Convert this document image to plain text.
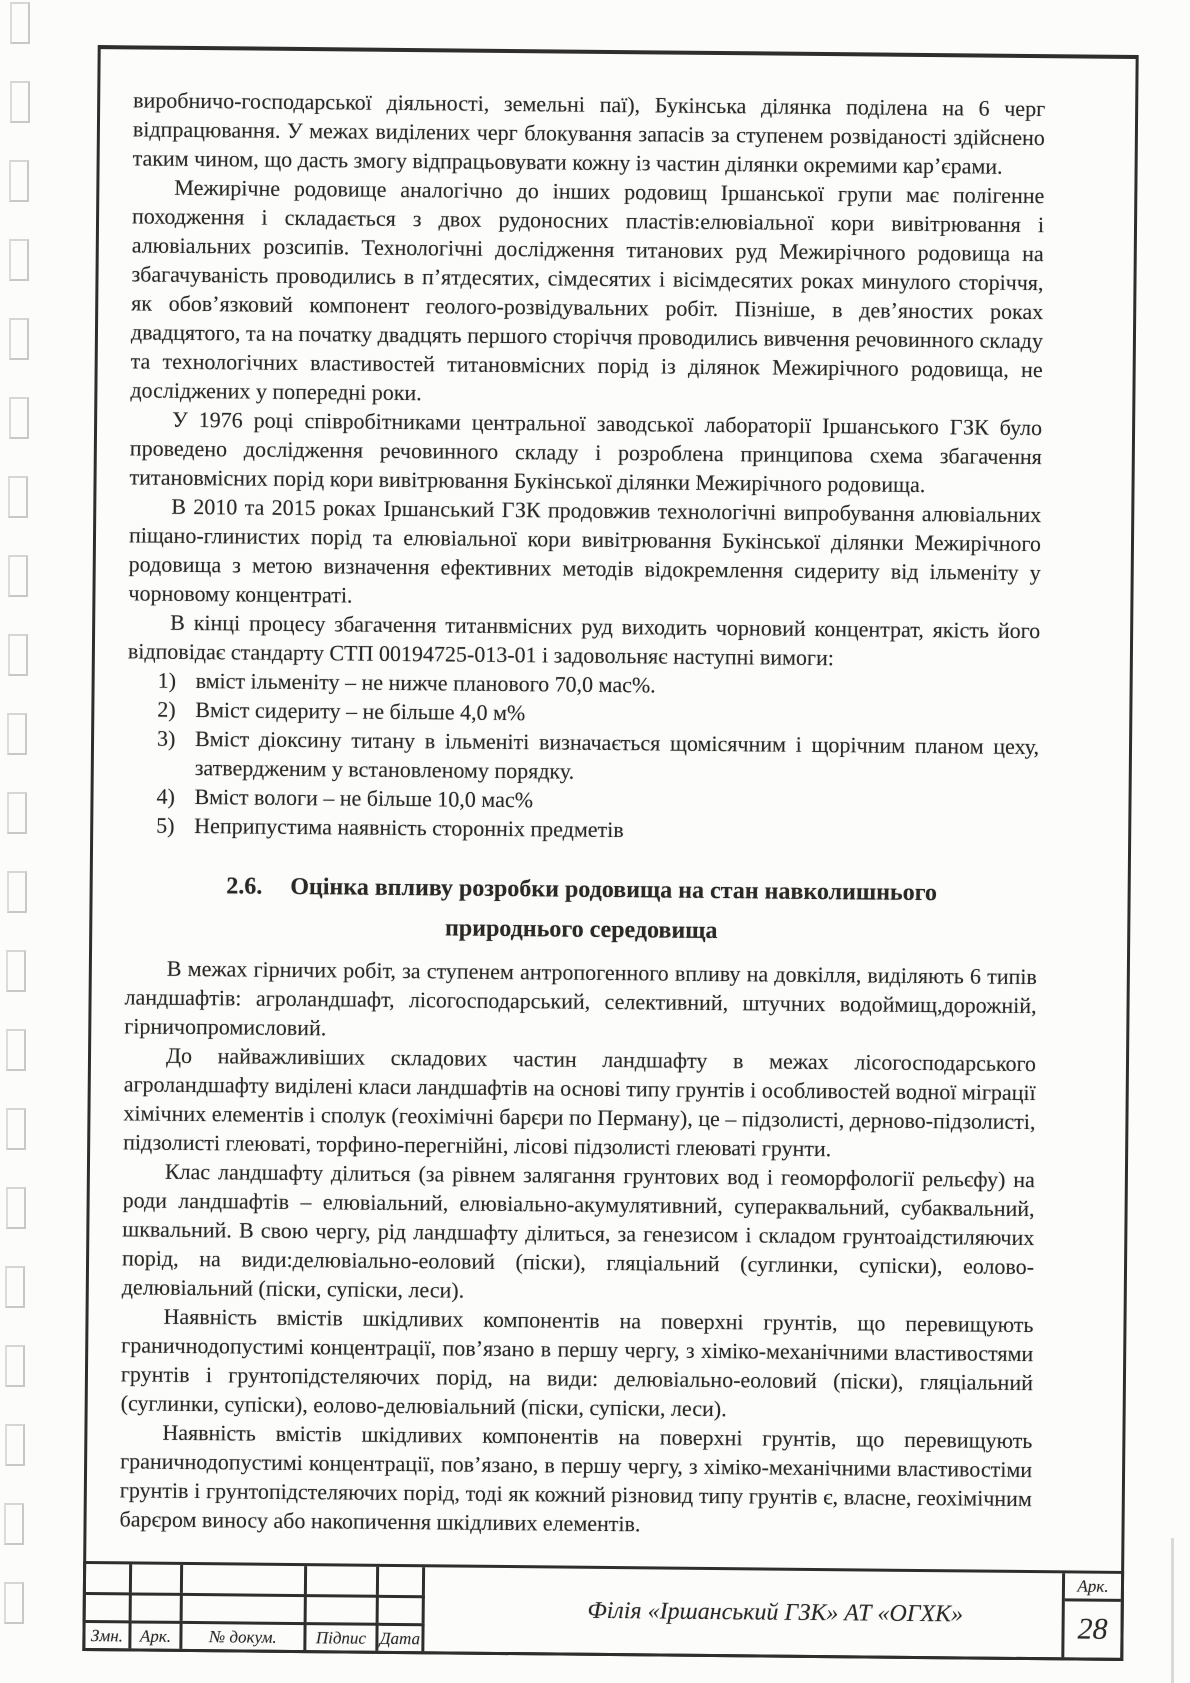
виробничо-господарської діяльності, земельні паї), Букінська ділянка поділена на 6 черг відпрацювання. У межах виділених черг блокування запасів за ступенем розвіданості здійснено таким чином, що дасть змогу відпрацьовувати кожну із частин ділянки окремими кар’єрами.

Межирічне родовище аналогічно до інших родовищ Іршанської групи має полігенне походження і складається з двох рудоносних пластів:елювіальної кори вивітрювання і алювіальних розсипів. Технологічні дослідження титанових руд Межирічного родовища на збагачуваність проводились в п’ятдесятих, сімдесятих і вісімдесятих роках минулого сторіччя, як обов’язковий компонент геолого-розвідувальних робіт. Пізніше, в дев’яностих роках двадцятого, та на початку двадцять першого сторіччя проводились вивчення речовинного складу та технологічних властивостей титановмісних порід із ділянок Межирічного родовища, не досліджених у попередні роки.

У 1976 році співробітниками центральної заводської лабораторії Іршанського ГЗК було проведено дослідження речовинного складу і розроблена принципова схема збагачення титановмісних порід кори вивітрювання Букінської ділянки Межирічного родовища.

В 2010 та 2015 роках Іршанський ГЗК продовжив технологічні випробування алювіальних піщано-глинистих порід та елювіальної кори вивітрювання Букінської ділянки Межирічного родовища з метою визначення ефективних методів відокремлення сидериту від ільменіту у чорновому концентраті.

В кінці процесу збагачення титанвмісних руд виходить чорновий концентрат, якість його відповідає стандарту СТП 00194725-013-01 і задовольняє наступні вимоги:

1) вміст ільменіту – не нижче планового 70,0 мас%.
2) Вміст сидериту – не більше 4,0 м%
3) Вміст діоксину титану в ільменіті визначається щомісячним і щорічним планом цеху, затвердженим у встановленому порядку.
4) Вміст вологи – не більше 10,0 мас%
5) Неприпустима наявність сторонніх предметів
2.6. Оцінка впливу розробки родовища на стан навколишнього
природнього середовища

В межах гірничих робіт, за ступенем антропогенного впливу на довкілля, виділяють 6 типів ландшафтів: агроландшафт, лісогосподарський, селективний, штучних водоймищ,дорожній, гірничопромисловий.

До найважливіших складових частин ландшафту в межах лісогосподарського агроландшафту виділені класи ландшафтів на основі типу грунтів і особливостей водної міграції хімічних елементів і сполук (геохімічні барєри по Перману), це – підзолисті, дерново-підзолисті, підзолисті глеюваті, торфино-перегнійні, лісові підзолисті глеюваті грунти.

Клас ландшафту ділиться (за рівнем залягання грунтових вод і геоморфології рельєфу) на роди ландшафтів – елювіальний, елювіально-акумулятивний, супераквальний, субаквальний, шквальний. В свою чергу, рід ландшафту ділиться, за генезисом і складом грунтоаідстиляючих порід, на види:делювіально-еоловий (піски), гляціальний (суглинки, супіски), еолово-делювіальний (піски, супіски, леси).

Наявність вмістів шкідливих компонентів на поверхні грунтів, що перевищують граничнодопустимі концентрації, пов’язано в першу чергу, з хіміко-механічними властивостями грунтів і грунтопідстеляючих порід, на види: делювіально-еоловий (піски), гляціальний (суглинки, супіски), еолово-делювіальний (піски, супіски, леси).

Наявність вмістів шкідливих компонентів на поверхні грунтів, що перевищують граничнодопустимі концентрації, пов’язано, в першу чергу, з хіміко-механічними властивостіми грунтів і грунтопідстеляючих порід, тоді як кожний різновид типу грунтів є, власне, геохімічним барєром виносу або накопичення шкідливих елементів.

Дата
Підпис
№ докум.
Арк.
Змн.
Філія «Іршанський ГЗК» АТ «ОГХК»
Арк.
28
